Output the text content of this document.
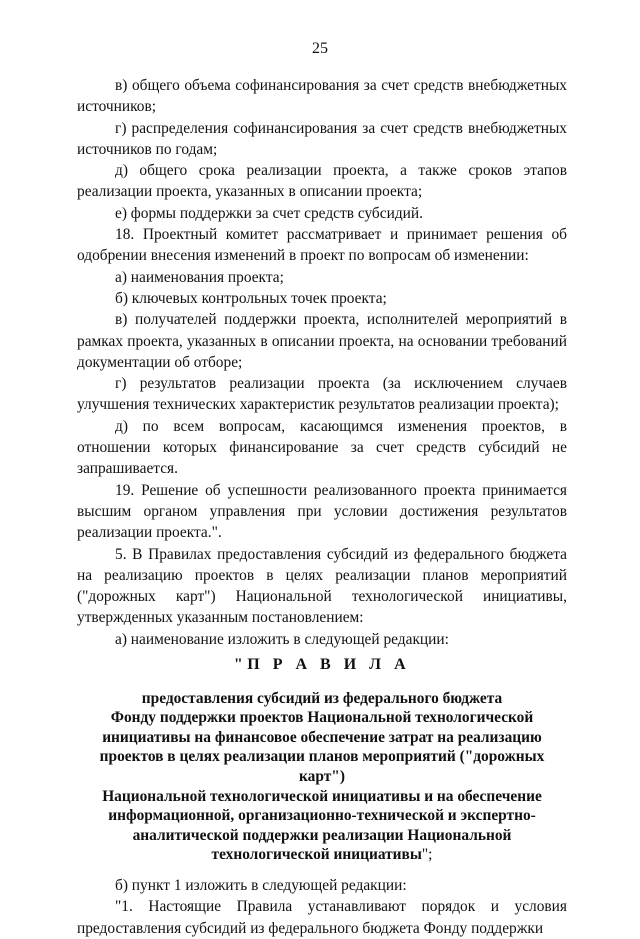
25

в) общего объема софинансирования за счет средств внебюджетных источников;

г) распределения софинансирования за счет средств внебюджетных источников по годам;

д) общего срока реализации проекта, а также сроков этапов реализации проекта, указанных в описании проекта;

е) формы поддержки за счет средств субсидий.

18. Проектный комитет рассматривает и принимает решения об одобрении внесения изменений в проект по вопросам об изменении:

а) наименования проекта;

б) ключевых контрольных точек проекта;

в) получателей поддержки проекта, исполнителей мероприятий в рамках проекта, указанных в описании проекта, на основании требований документации об отборе;

г) результатов реализации проекта (за исключением случаев улучшения технических характеристик результатов реализации проекта);

д) по всем вопросам, касающимся изменения проектов, в отношении которых финансирование за счет средств субсидий не запрашивается.

19. Решение об успешности реализованного проекта принимается высшим органом управления при условии достижения результатов реализации проекта.".

5. В Правилах предоставления субсидий из федерального бюджета на реализацию проектов в целях реализации планов мероприятий ("дорожных карт") Национальной технологической инициативы, утвержденных указанным постановлением:

а) наименование изложить в следующей редакции:

"П Р А В И Л А
предоставления субсидий из федерального бюджета
Фонду поддержки проектов Национальной технологической
инициативы на финансовое обеспечение затрат на реализацию
проектов в целях реализации планов мероприятий ("дорожных карт")
Национальной технологической инициативы и на обеспечение
информационной, организационно-технической и экспертно-
аналитической поддержки реализации Национальной
технологической инициативы";

б) пункт 1 изложить в следующей редакции:

"1. Настоящие Правила устанавливают порядок и условия предоставления субсидий из федерального бюджета Фонду поддержки
